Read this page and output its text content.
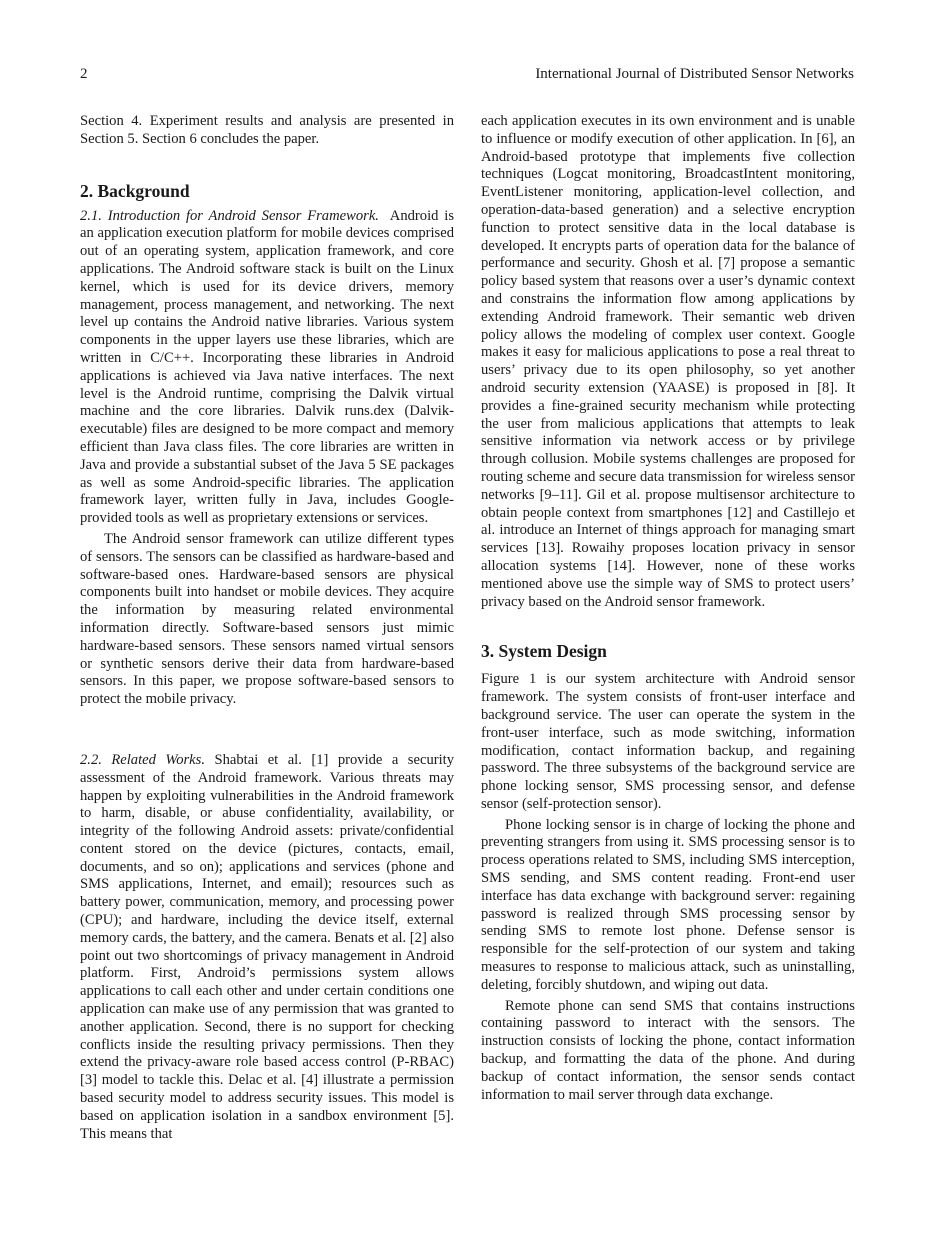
2	International Journal of Distributed Sensor Networks

Section 4. Experiment results and analysis are presented in Section 5. Section 6 concludes the paper.

2. Background

2.1. Introduction for Android Sensor Framework. Android is an application execution platform for mobile devices comprised out of an operating system, application framework, and core applications. The Android software stack is built on the Linux kernel, which is used for its device drivers, memory management, process management, and networking. The next level up contains the Android native libraries. Various system components in the upper layers use these libraries, which are written in C/C++. Incorporating these libraries in Android applications is achieved via Java native interfaces. The next level is the Android runtime, comprising the Dalvik virtual machine and the core libraries. Dalvik runs.dex (Dalvik-executable) files are designed to be more compact and memory efficient than Java class files. The core libraries are written in Java and provide a substantial subset of the Java 5 SE packages as well as some Android-specific libraries. The application framework layer, written fully in Java, includes Google-provided tools as well as proprietary extensions or services.

The Android sensor framework can utilize different types of sensors. The sensors can be classified as hardware-based and software-based ones. Hardware-based sensors are physical components built into handset or mobile devices. They acquire the information by measuring related environmental information directly. Software-based sensors just mimic hardware-based sensors. These sensors named virtual sensors or synthetic sensors derive their data from hardware-based sensors. In this paper, we propose software-based sensors to protect the mobile privacy.

2.2. Related Works. Shabtai et al. [1] provide a security assessment of the Android framework. Various threats may happen by exploiting vulnerabilities in the Android framework to harm, disable, or abuse confidentiality, availability, or integrity of the following Android assets: private/confidential content stored on the device (pictures, contacts, email, documents, and so on); applications and services (phone and SMS applications, Internet, and email); resources such as battery power, communication, memory, and processing power (CPU); and hardware, including the device itself, external memory cards, the battery, and the camera. Benats et al. [2] also point out two shortcomings of privacy management in Android platform. First, Android’s permissions system allows applications to call each other and under certain conditions one application can make use of any permission that was granted to another application. Second, there is no support for checking conflicts inside the resulting privacy permissions. Then they extend the privacy-aware role based access control (P-RBAC) [3] model to tackle this. Delac et al. [4] illustrate a permission based security model to address security issues. This model is based on application isolation in a sandbox environment [5]. This means that

each application executes in its own environment and is unable to influence or modify execution of other application. In [6], an Android-based prototype that implements five collection techniques (Logcat monitoring, BroadcastIntent monitoring, EventListener monitoring, application-level collection, and operation-data-based generation) and a selective encryption function to protect sensitive data in the local database is developed. It encrypts parts of operation data for the balance of performance and security. Ghosh et al. [7] propose a semantic policy based system that reasons over a user’s dynamic context and constrains the information flow among applications by extending Android framework. Their semantic web driven policy allows the modeling of complex user context. Google makes it easy for malicious applications to pose a real threat to users’ privacy due to its open philosophy, so yet another android security extension (YAASE) is proposed in [8]. It provides a fine-grained security mechanism while protecting the user from malicious applications that attempts to leak sensitive information via network access or by privilege through collusion. Mobile systems challenges are proposed for routing scheme and secure data transmission for wireless sensor networks [9–11]. Gil et al. propose multisensor architecture to obtain people context from smartphones [12] and Castillejo et al. introduce an Internet of things approach for managing smart services [13]. Rowaihy proposes location privacy in sensor allocation systems [14]. However, none of these works mentioned above use the simple way of SMS to protect users’ privacy based on the Android sensor framework.

3. System Design

Figure 1 is our system architecture with Android sensor framework. The system consists of front-user interface and background service. The user can operate the system in the front-user interface, such as mode switching, information modification, contact information backup, and regaining password. The three subsystems of the background service are phone locking sensor, SMS processing sensor, and defense sensor (self-protection sensor).

Phone locking sensor is in charge of locking the phone and preventing strangers from using it. SMS processing sensor is to process operations related to SMS, including SMS interception, SMS sending, and SMS content reading. Front-end user interface has data exchange with background server: regaining password is realized through SMS processing sensor by sending SMS to remote lost phone. Defense sensor is responsible for the self-protection of our system and taking measures to response to malicious attack, such as uninstalling, deleting, forcibly shutdown, and wiping out data.

Remote phone can send SMS that contains instructions containing password to interact with the sensors. The instruction consists of locking the phone, contact information backup, and formatting the data of the phone. And during backup of contact information, the sensor sends contact information to mail server through data exchange.
